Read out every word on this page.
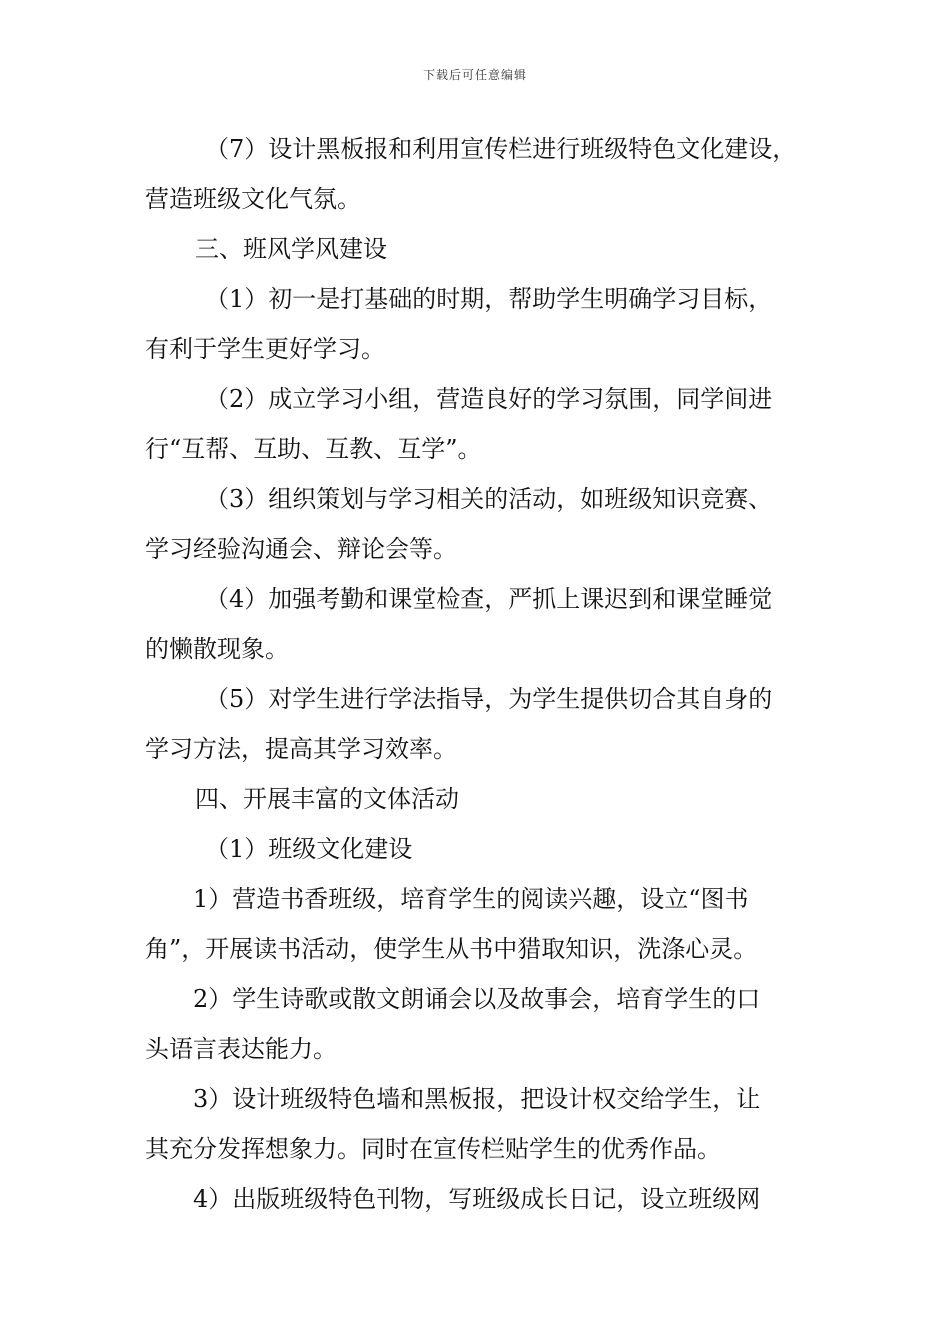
下载后可任意编辑
（7）设计黑板报和利用宣传栏进行班级特色文化建设，
营造班级文化气氛。
三、班风学风建设
（1）初一是打基础的时期，帮助学生明确学习目标，
有利于学生更好学习。
（2）成立学习小组，营造良好的学习氛围，同学间进
行“互帮、互助、互教、互学”。
（3）组织策划与学习相关的活动，如班级知识竞赛、
学习经验沟通会、辩论会等。
（4）加强考勤和课堂检查，严抓上课迟到和课堂睡觉
的懒散现象。
（5）对学生进行学法指导，为学生提供切合其自身的
学习方法，提高其学习效率。
四、开展丰富的文体活动
（1）班级文化建设
1）营造书香班级，培育学生的阅读兴趣，设立“图书
角”，开展读书活动，使学生从书中猎取知识，洗涤心灵。
2）学生诗歌或散文朗诵会以及故事会，培育学生的口
头语言表达能力。
3）设计班级特色墙和黑板报，把设计权交给学生，让
其充分发挥想象力。同时在宣传栏贴学生的优秀作品。
4）出版班级特色刊物，写班级成长日记，设立班级网
